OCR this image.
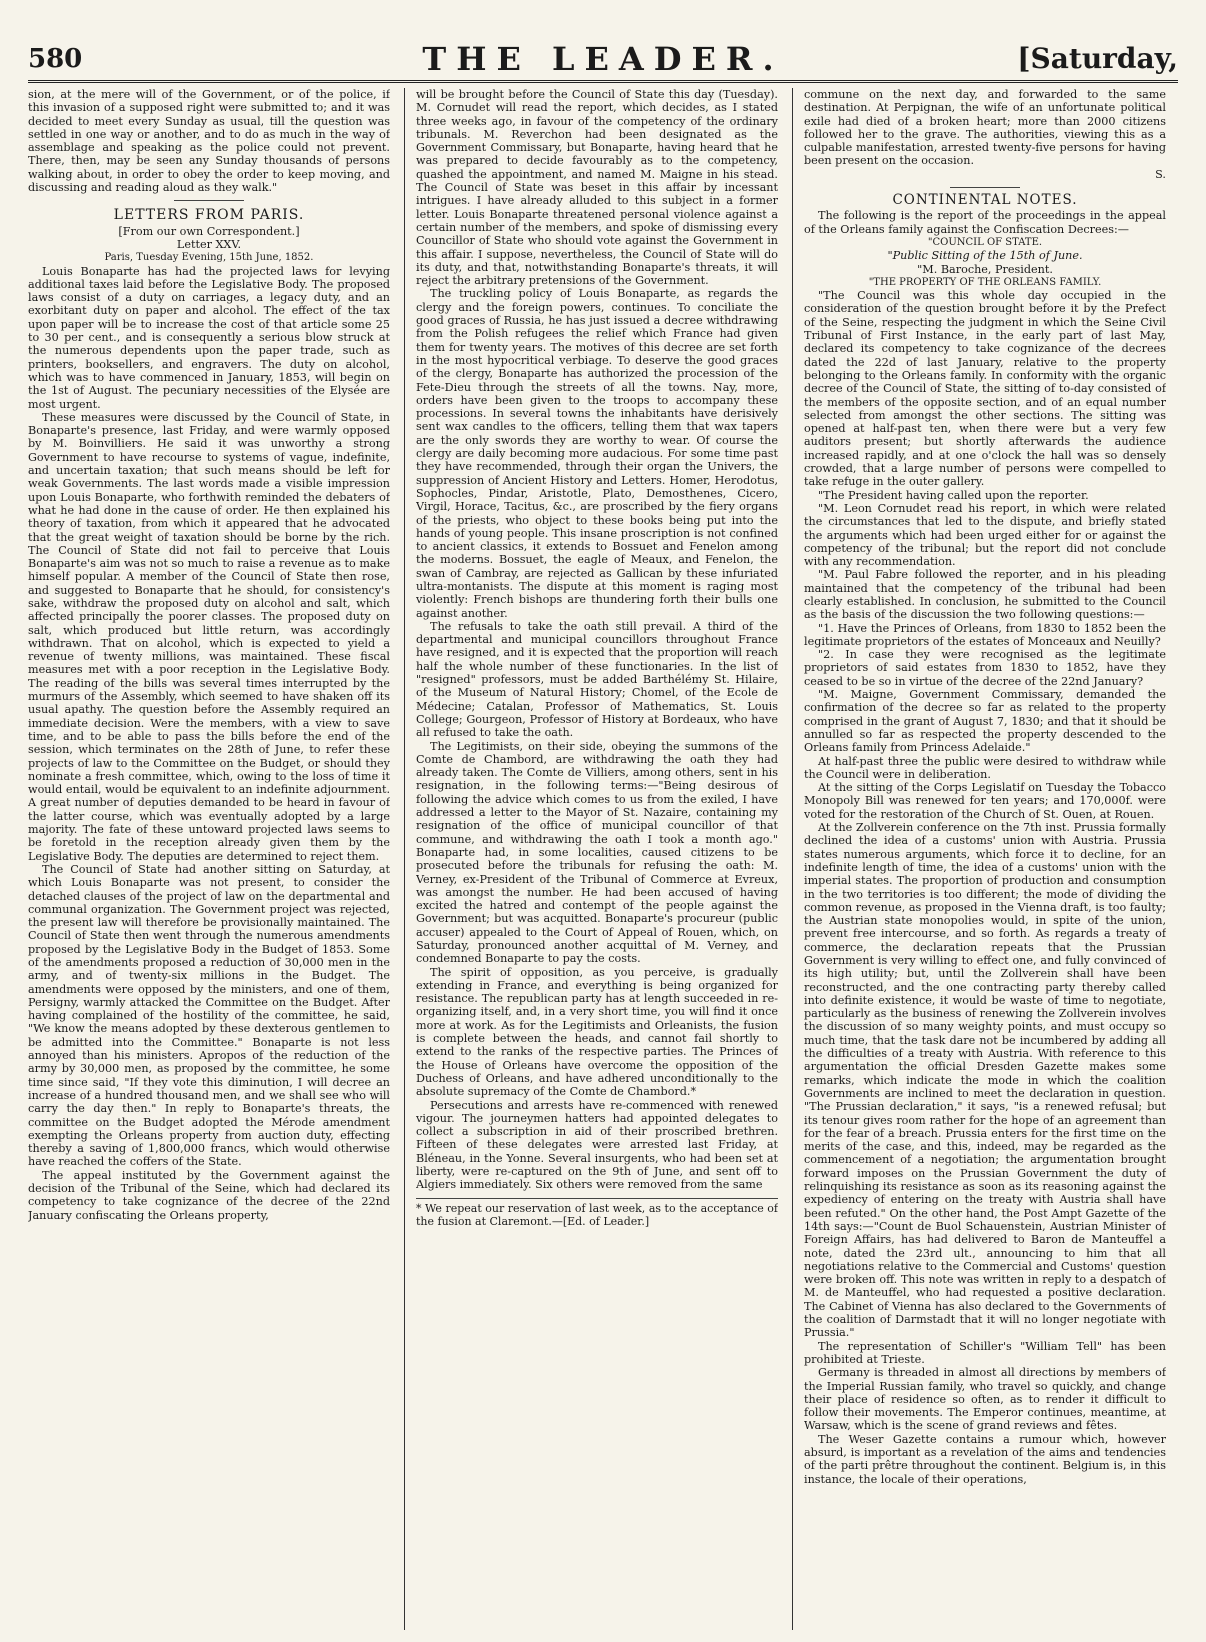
580	THE LEADER.	[Saturday,

sion, at the mere will of the Government, or of the police, if this invasion of a supposed right were submitted to; and it was decided to meet every Sunday as usual, till the question was settled in one way or another, and to do as much in the way of assemblage and speaking as the police could not prevent. There, then, may be seen any Sunday thousands of persons walking about, in order to obey the order to keep moving, and discussing and reading aloud as they walk."

LETTERS FROM PARIS.

[From our own Correspondent.]

Letter XXV.

Paris, Tuesday Evening, 15th June, 1852.

Louis Bonaparte has had the projected laws for levying additional taxes laid before the Legislative Body. The proposed laws consist of a duty on carriages, a legacy duty, and an exorbitant duty on paper and alcohol. The effect of the tax upon paper will be to increase the cost of that article some 25 to 30 per cent., and is consequently a serious blow struck at the numerous dependents upon the paper trade, such as printers, booksellers, and engravers. The duty on alcohol, which was to have commenced in January, 1853, will begin on the 1st of August. The pecuniary necessities of the Elysée are most urgent.

These measures were discussed by the Council of State, in Bonaparte's presence, last Friday, and were warmly opposed by M. Boinvilliers. He said it was unworthy a strong Government to have recourse to systems of vague, indefinite, and uncertain taxation; that such means should be left for weak Governments. The last words made a visible impression upon Louis Bonaparte, who forthwith reminded the debaters of what he had done in the cause of order. He then explained his theory of taxation, from which it appeared that he advocated that the great weight of taxation should be borne by the rich. The Council of State did not fail to perceive that Louis Bonaparte's aim was not so much to raise a revenue as to make himself popular. A member of the Council of State then rose, and suggested to Bonaparte that he should, for consistency's sake, withdraw the proposed duty on alcohol and salt, which affected principally the poorer classes. The proposed duty on salt, which produced but little return, was accordingly withdrawn. That on alcohol, which is expected to yield a revenue of twenty millions, was maintained. These fiscal measures met with a poor reception in the Legislative Body. The reading of the bills was several times interrupted by the murmurs of the Assembly, which seemed to have shaken off its usual apathy. The question before the Assembly required an immediate decision. Were the members, with a view to save time, and to be able to pass the bills before the end of the session, which terminates on the 28th of June, to refer these projects of law to the Committee on the Budget, or should they nominate a fresh committee, which, owing to the loss of time it would entail, would be equivalent to an indefinite adjournment. A great number of deputies demanded to be heard in favour of the latter course, which was eventually adopted by a large majority. The fate of these untoward projected laws seems to be foretold in the reception already given them by the Legislative Body. The deputies are determined to reject them.

The Council of State had another sitting on Saturday, at which Louis Bonaparte was not present, to consider the detached clauses of the project of law on the departmental and communal organization. The Government project was rejected, the present law will therefore be provisionally maintained. The Council of State then went through the numerous amendments proposed by the Legislative Body in the Budget of 1853. Some of the amendments proposed a reduction of 30,000 men in the army, and of twenty-six millions in the Budget. The amendments were opposed by the ministers, and one of them, Persigny, warmly attacked the Committee on the Budget. After having complained of the hostility of the committee, he said, "We know the means adopted by these dexterous gentlemen to be admitted into the Committee." Bonaparte is not less annoyed than his ministers. Apropos of the reduction of the army by 30,000 men, as proposed by the committee, he some time since said, "If they vote this diminution, I will decree an increase of a hundred thousand men, and we shall see who will carry the day then." In reply to Bonaparte's threats, the committee on the Budget adopted the Mérode amendment exempting the Orleans property from auction duty, effecting thereby a saving of 1,800,000 francs, which would otherwise have reached the coffers of the State.

The appeal instituted by the Government against the decision of the Tribunal of the Seine, which had declared its competency to take cognizance of the decree of the 22nd January confiscating the Orleans property,

will be brought before the Council of State this day (Tuesday). M. Cornudet will read the report, which decides, as I stated three weeks ago, in favour of the competency of the ordinary tribunals. M. Reverchon had been designated as the Government Commissary, but Bonaparte, having heard that he was prepared to decide favourably as to the competency, quashed the appointment, and named M. Maigne in his stead. The Council of State was beset in this affair by incessant intrigues. I have already alluded to this subject in a former letter. Louis Bonaparte threatened personal violence against a certain number of the members, and spoke of dismissing every Councillor of State who should vote against the Government in this affair. I suppose, nevertheless, the Council of State will do its duty, and that, notwithstanding Bonaparte's threats, it will reject the arbitrary pretensions of the Government.

The truckling policy of Louis Bonaparte, as regards the clergy and the foreign powers, continues. To conciliate the good graces of Russia, he has just issued a decree withdrawing from the Polish refugees the relief which France had given them for twenty years. The motives of this decree are set forth in the most hypocritical verbiage. To deserve the good graces of the clergy, Bonaparte has authorized the procession of the Fete-Dieu through the streets of all the towns. Nay, more, orders have been given to the troops to accompany these processions. In several towns the inhabitants have derisively sent wax candles to the officers, telling them that wax tapers are the only swords they are worthy to wear. Of course the clergy are daily becoming more audacious. For some time past they have recommended, through their organ the Univers, the suppression of Ancient History and Letters. Homer, Herodotus, Sophocles, Pindar, Aristotle, Plato, Demosthenes, Cicero, Virgil, Horace, Tacitus, &c., are proscribed by the fiery organs of the priests, who object to these books being put into the hands of young people. This insane proscription is not confined to ancient classics, it extends to Bossuet and Fenelon among the moderns. Bossuet, the eagle of Meaux, and Fenelon, the swan of Cambray, are rejected as Gallican by these infuriated ultra-montanists. The dispute at this moment is raging most violently: French bishops are thundering forth their bulls one against another.

The refusals to take the oath still prevail. A third of the departmental and municipal councillors throughout France have resigned, and it is expected that the proportion will reach half the whole number of these functionaries. In the list of "resigned" professors, must be added Barthélémy St. Hilaire, of the Museum of Natural History; Chomel, of the Ecole de Médecine; Catalan, Professor of Mathematics, St. Louis College; Gourgeon, Professor of History at Bordeaux, who have all refused to take the oath.

The Legitimists, on their side, obeying the summons of the Comte de Chambord, are withdrawing the oath they had already taken. The Comte de Villiers, among others, sent in his resignation, in the following terms:—"Being desirous of following the advice which comes to us from the exiled, I have addressed a letter to the Mayor of St. Nazaire, containing my resignation of the office of municipal councillor of that commune, and withdrawing the oath I took a month ago." Bonaparte had, in some localities, caused citizens to be prosecuted before the tribunals for refusing the oath: M. Verney, ex-President of the Tribunal of Commerce at Evreux, was amongst the number. He had been accused of having excited the hatred and contempt of the people against the Government; but was acquitted. Bonaparte's procureur (public accuser) appealed to the Court of Appeal of Rouen, which, on Saturday, pronounced another acquittal of M. Verney, and condemned Bonaparte to pay the costs.

The spirit of opposition, as you perceive, is gradually extending in France, and everything is being organized for resistance. The republican party has at length succeeded in re-organizing itself, and, in a very short time, you will find it once more at work. As for the Legitimists and Orleanists, the fusion is complete between the heads, and cannot fail shortly to extend to the ranks of the respective parties. The Princes of the House of Orleans have overcome the opposition of the Duchess of Orleans, and have adhered unconditionally to the absolute supremacy of the Comte de Chambord.*

Persecutions and arrests have re-commenced with renewed vigour. The journeymen hatters had appointed delegates to collect a subscription in aid of their proscribed brethren. Fifteen of these delegates were arrested last Friday, at Bléneau, in the Yonne. Several insurgents, who had been set at liberty, were re-captured on the 9th of June, and sent off to Algiers immediately. Six others were removed from the same

* We repeat our reservation of last week, as to the acceptance of the fusion at Claremont.—[Ed. of Leader.]

commune on the next day, and forwarded to the same destination. At Perpignan, the wife of an unfortunate political exile had died of a broken heart; more than 2000 citizens followed her to the grave. The authorities, viewing this as a culpable manifestation, arrested twenty-five persons for having been present on the occasion.

S.

CONTINENTAL NOTES.

The following is the report of the proceedings in the appeal of the Orleans family against the Confiscation Decrees:—

"COUNCIL OF STATE.

"Public Sitting of the 15th of June.

"M. Baroche, President.

"THE PROPERTY OF THE ORLEANS FAMILY.

"The Council was this whole day occupied in the consideration of the question brought before it by the Prefect of the Seine, respecting the judgment in which the Seine Civil Tribunal of First Instance, in the early part of last May, declared its competency to take cognizance of the decrees dated the 22d of last January, relative to the property belonging to the Orleans family. In conformity with the organic decree of the Council of State, the sitting of to-day consisted of the members of the opposite section, and of an equal number selected from amongst the other sections. The sitting was opened at half-past ten, when there were but a very few auditors present; but shortly afterwards the audience increased rapidly, and at one o'clock the hall was so densely crowded, that a large number of persons were compelled to take refuge in the outer gallery.

"The President having called upon the reporter.

"M. Leon Cornudet read his report, in which were related the circumstances that led to the dispute, and briefly stated the arguments which had been urged either for or against the competency of the tribunal; but the report did not conclude with any recommendation.

"M. Paul Fabre followed the reporter, and in his pleading maintained that the competency of the tribunal had been clearly established. In conclusion, he submitted to the Council as the basis of the discussion the two following questions:—

"1. Have the Princes of Orleans, from 1830 to 1852 been the legitimate proprietors of the estates of Monceaux and Neuilly?

"2. In case they were recognised as the legitimate proprietors of said estates from 1830 to 1852, have they ceased to be so in virtue of the decree of the 22nd January?

"M. Maigne, Government Commissary, demanded the confirmation of the decree so far as related to the property comprised in the grant of August 7, 1830; and that it should be annulled so far as respected the property descended to the Orleans family from Princess Adelaide."

At half-past three the public were desired to withdraw while the Council were in deliberation.

At the sitting of the Corps Legislatif on Tuesday the Tobacco Monopoly Bill was renewed for ten years; and 170,000f. were voted for the restoration of the Church of St. Ouen, at Rouen.

At the Zollverein conference on the 7th inst. Prussia formally declined the idea of a customs' union with Austria. Prussia states numerous arguments, which force it to decline, for an indefinite length of time, the idea of a customs' union with the imperial states. The proportion of production and consumption in the two territories is too different; the mode of dividing the common revenue, as proposed in the Vienna draft, is too faulty; the Austrian state monopolies would, in spite of the union, prevent free intercourse, and so forth. As regards a treaty of commerce, the declaration repeats that the Prussian Government is very willing to effect one, and fully convinced of its high utility; but, until the Zollverein shall have been reconstructed, and the one contracting party thereby called into definite existence, it would be waste of time to negotiate, particularly as the business of renewing the Zollverein involves the discussion of so many weighty points, and must occupy so much time, that the task dare not be incumbered by adding all the difficulties of a treaty with Austria. With reference to this argumentation the official Dresden Gazette makes some remarks, which indicate the mode in which the coalition Governments are inclined to meet the declaration in question. "The Prussian declaration," it says, "is a renewed refusal; but its tenour gives room rather for the hope of an agreement than for the fear of a breach. Prussia enters for the first time on the merits of the case, and this, indeed, may be regarded as the commencement of a negotiation; the argumentation brought forward imposes on the Prussian Government the duty of relinquishing its resistance as soon as its reasoning against the expediency of entering on the treaty with Austria shall have been refuted." On the other hand, the Post Ampt Gazette of the 14th says:—"Count de Buol Schauenstein, Austrian Minister of Foreign Affairs, has had delivered to Baron de Manteuffel a note, dated the 23rd ult., announcing to him that all negotiations relative to the Commercial and Customs' question were broken off. This note was written in reply to a despatch of M. de Manteuffel, who had requested a positive declaration. The Cabinet of Vienna has also declared to the Governments of the coalition of Darmstadt that it will no longer negotiate with Prussia."

The representation of Schiller's "William Tell" has been prohibited at Trieste.

Germany is threaded in almost all directions by members of the Imperial Russian family, who travel so quickly, and change their place of residence so often, as to render it difficult to follow their movements. The Emperor continues, meantime, at Warsaw, which is the scene of grand reviews and fêtes.

The Weser Gazette contains a rumour which, however absurd, is important as a revelation of the aims and tendencies of the parti prêtre throughout the continent. Belgium is, in this instance, the locale of their operations,
